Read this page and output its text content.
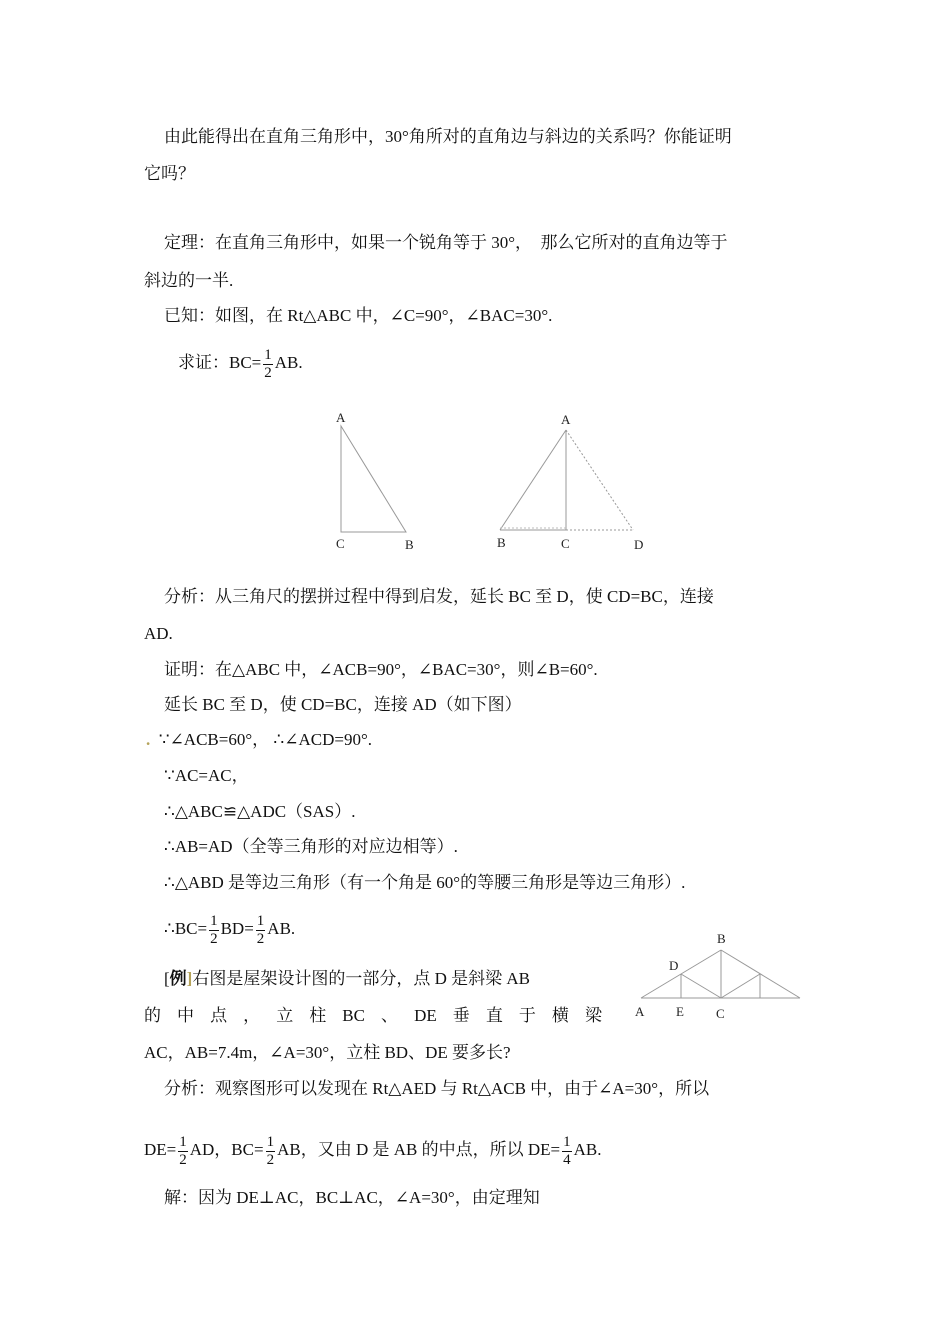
由此能得出在直角三角形中，30°角所对的直角边与斜边的关系吗？你能证明
它吗？
定理：在直角三角形中，如果一个锐角等于 30°，　那么它所对的直角边等于
斜边的一半.
已知：如图，在 Rt△ABC 中，∠C=90°，∠BAC=30°.
求证：$BC= \frac{1}{2}$ AB.
A
C	B
A
B	C	D
分析：从三角尺的摆拼过程中得到启发，延长 BC 至 D，使 CD=BC，连接
AD.
证明：在△ABC 中，∠ACB=90°，∠BAC=30°，则∠B=60°.
延长 BC 至 D，使 CD=BC，连接 AD（如下图）
. ∵∠ACB=60°， ∴∠ACD=90°.
∵AC=AC，
∴△ABC≌△ADC（SAS）.
∴AB=AD（全等三角形的对应边相等）.
∴△ABD 是等边三角形（有一个角是 60°的等腰三角形是等边三角形）.
∴BC= $\frac{1}{2} BD= \frac{1}{2}$ AB.
[例]右图是屋架设计图的一部分，点 D 是斜梁 AB
的 中 点 ， 立 柱 BC 、 DE 垂 直 于 横 梁
AC，AB=7.4m，∠A=30°，立柱 BD、DE 要多长?
B
D
A E C
分析：观察图形可以发现在 Rt△AED 与 Rt△ACB 中，由于∠A=30°，所以
$DE= \frac{1}{2}$ AD，$BC= \frac{1}{2}$ AB，又由 D 是 AB 的中点，所以 $DE= \frac{1}{4}$ AB.
解：因为 DE⊥AC，BC⊥AC，∠A=30°，由定理知
